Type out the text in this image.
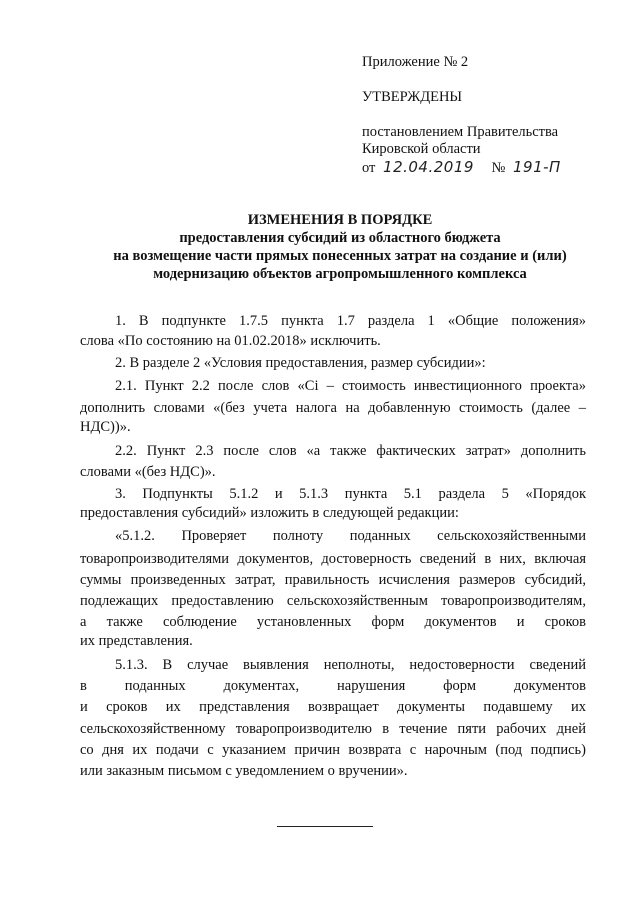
Приложение № 2
УТВЕРЖДЕНЫ
постановлением Правительства
Кировской области
от 12.04.2019 № 191-П
ИЗМЕНЕНИЯ В ПОРЯДКЕ
предоставления субсидий из областного бюджета
на возмещение части прямых понесенных затрат на создание и (или)
модернизацию объектов агропромышленного комплекса
1. В подпункте 1.7.5 пункта 1.7 раздела 1 «Общие положения»
слова «По состоянию на 01.02.2018» исключить.
2. В разделе 2 «Условия предоставления, размер субсидии»:
2.1. Пункт 2.2 после слов «Ci – стоимость инвестиционного проекта»
дополнить словами «(без учета налога на добавленную стоимость (далее –
НДС))».
2.2. Пункт 2.3 после слов «а также фактических затрат» дополнить
словами «(без НДС)».
3. Подпункты 5.1.2 и 5.1.3 пункта 5.1 раздела 5 «Порядок
предоставления субсидий» изложить в следующей редакции:
«5.1.2. Проверяет полноту поданных сельскохозяйственными
товаропроизводителями документов, достоверность сведений в них, включая
суммы произведенных затрат, правильность исчисления размеров субсидий,
подлежащих предоставлению сельскохозяйственным товаропроизводителям,
а также соблюдение установленных форм документов и сроков
их представления.
5.1.3. В случае выявления неполноты, недостоверности сведений
в поданных документах, нарушения форм документов
и сроков их представления возвращает документы подавшему их
сельскохозяйственному товаропроизводителю в течение пяти рабочих дней
со дня их подачи с указанием причин возврата с нарочным (под подпись)
или заказным письмом с уведомлением о вручении».
